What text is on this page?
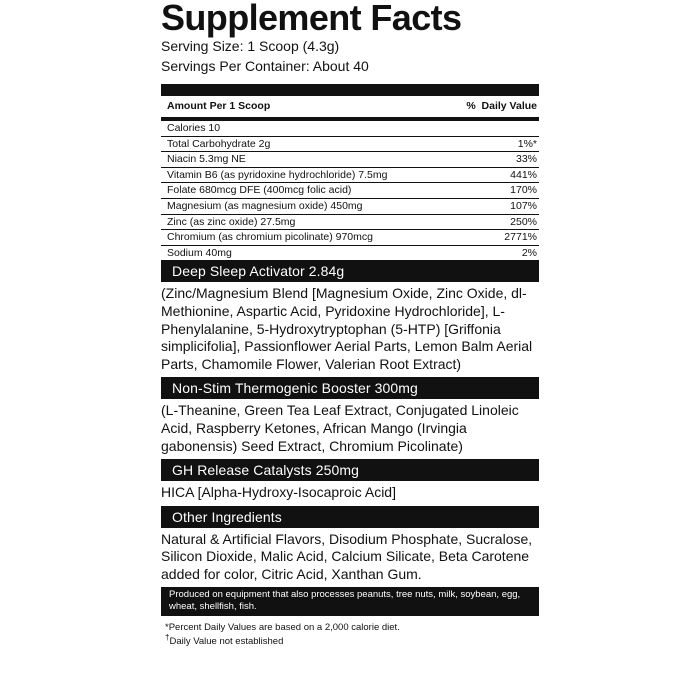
Supplement Facts
Serving Size: 1 Scoop (4.3g)
Servings Per Container: About 40
Amount Per 1 Scoop	%  Daily Value
Calories 10
Total Carbohydrate 2g	1%*
Niacin 5.3mg NE	33%
Vitamin B6 (as pyridoxine hydrochloride) 7.5mg	441%
Folate 680mcg DFE (400mcg folic acid)	170%
Magnesium (as magnesium oxide) 450mg	107%
Zinc (as zinc oxide) 27.5mg	250%
Chromium (as chromium picolinate) 970mcg	2771%
Sodium 40mg	2%
Deep Sleep Activator 2.84g
(Zinc/Magnesium Blend [Magnesium Oxide, Zinc Oxide, dl-Methionine, Aspartic Acid, Pyridoxine Hydrochloride], L-Phenylalanine, 5-Hydroxytryptophan (5-HTP) [Griffonia simplicifolia], Passionflower Aerial Parts, Lemon Balm Aerial Parts, Chamomile Flower, Valerian Root Extract)
Non-Stim Thermogenic Booster 300mg
(L-Theanine, Green Tea Leaf Extract, Conjugated Linoleic Acid, Raspberry Ketones, African Mango (Irvingia gabonensis) Seed Extract, Chromium Picolinate)
GH Release Catalysts 250mg
HICA [Alpha-Hydroxy-Isocaproic Acid]
Other Ingredients
Natural & Artificial Flavors, Disodium Phosphate, Sucralose, Silicon Dioxide, Malic Acid, Calcium Silicate, Beta Carotene added for color, Citric Acid, Xanthan Gum.
Produced on equipment that also processes peanuts, tree nuts, milk, soybean, egg, wheat, shellfish, fish.
*Percent Daily Values are based on a 2,000 calorie diet.
†Daily Value not established
